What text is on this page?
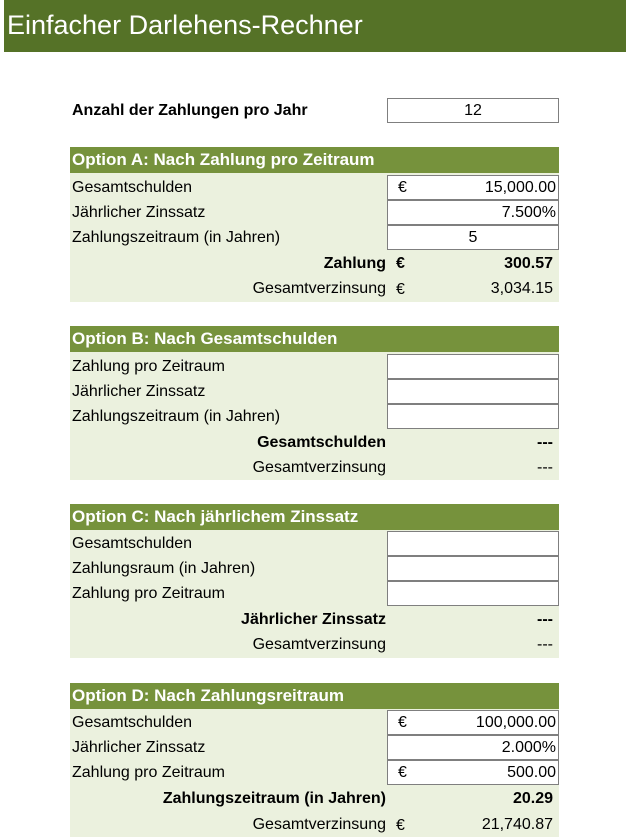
Einfacher Darlehens-Rechner
Anzahl der Zahlungen pro Jahr	12
Option A: Nach Zahlung pro Zeitraum
Gesamtschulden	€	15,000.00
Jährlicher Zinssatz	7.500%
Zahlungszeitraum (in Jahren)	5
Zahlung €	300.57
Gesamtverzinsung €	3,034.15
Option B: Nach Gesamtschulden
Zahlung pro Zeitraum
Jährlicher Zinssatz
Zahlungszeitraum (in Jahren)
Gesamtschulden	---
Gesamtverzinsung	---
Option C: Nach jährlichem Zinssatz
Gesamtschulden
Zahlungsraum (in Jahren)
Zahlung pro Zeitraum
Jährlicher Zinssatz	---
Gesamtverzinsung	---
Option D: Nach Zahlungsreitraum
Gesamtschulden	€	100,000.00
Jährlicher Zinssatz	2.000%
Zahlung pro Zeitraum	€	500.00
Zahlungszeitraum (in Jahren)	20.29
Gesamtverzinsung €	21,740.87
